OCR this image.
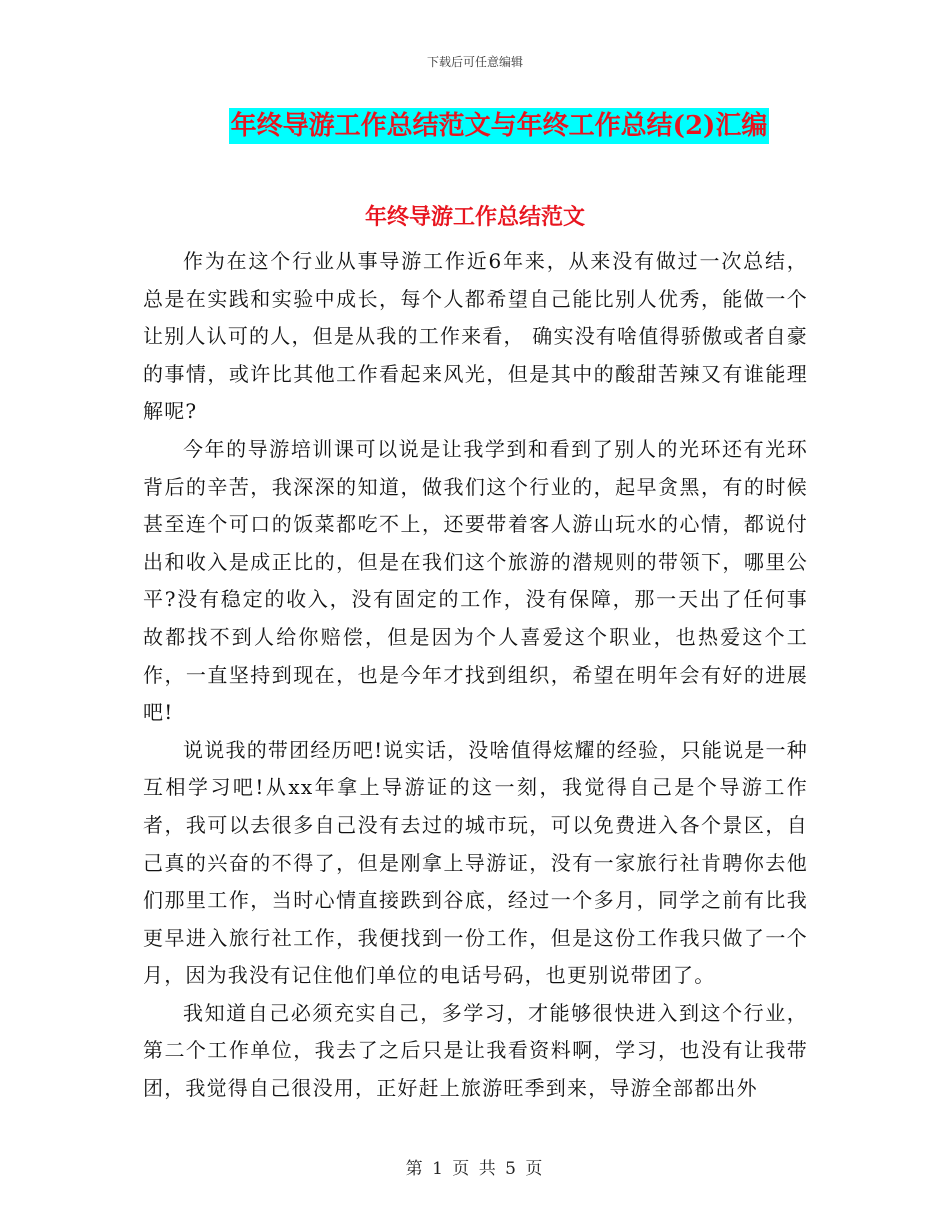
下载后可任意编辑
年终导游工作总结范文与年终工作总结(2)汇编
年终导游工作总结范文

作为在这个行业从事导游工作近6年来，从来没有做过一次总结，总是在实践和实验中成长，每个人都希望自己能比别人优秀，能做一个让别人认可的人，但是从我的工作来看， 确实没有啥值得骄傲或者自豪的事情，或许比其他工作看起来风光，但是其中的酸甜苦辣又有谁能理解呢?

今年的导游培训课可以说是让我学到和看到了别人的光环还有光环背后的辛苦，我深深的知道，做我们这个行业的，起早贪黑，有的时候甚至连个可口的饭菜都吃不上，还要带着客人游山玩水的心情，都说付出和收入是成正比的，但是在我们这个旅游的潜规则的带领下，哪里公平?没有稳定的收入，没有固定的工作，没有保障，那一天出了任何事故都找不到人给你赔偿，但是因为个人喜爱这个职业，也热爱这个工作，一直坚持到现在，也是今年才找到组织，希望在明年会有好的进展吧!

说说我的带团经历吧!说实话，没啥值得炫耀的经验，只能说是一种互相学习吧!从xx年拿上导游证的这一刻，我觉得自己是个导游工作者，我可以去很多自己没有去过的城市玩，可以免费进入各个景区，自己真的兴奋的不得了，但是刚拿上导游证，没有一家旅行社肯聘你去他们那里工作，当时心情直接跌到谷底，经过一个多月，同学之前有比我更早进入旅行社工作，我便找到一份工作，但是这份工作我只做了一个月，因为我没有记住他们单位的电话号码，也更别说带团了。

我知道自己必须充实自己，多学习，才能够很快进入到这个行业，第二个工作单位，我去了之后只是让我看资料啊，学习，也没有让我带团，我觉得自己很没用，正好赶上旅游旺季到来，导游全部都出外

第 1 页 共 5 页
